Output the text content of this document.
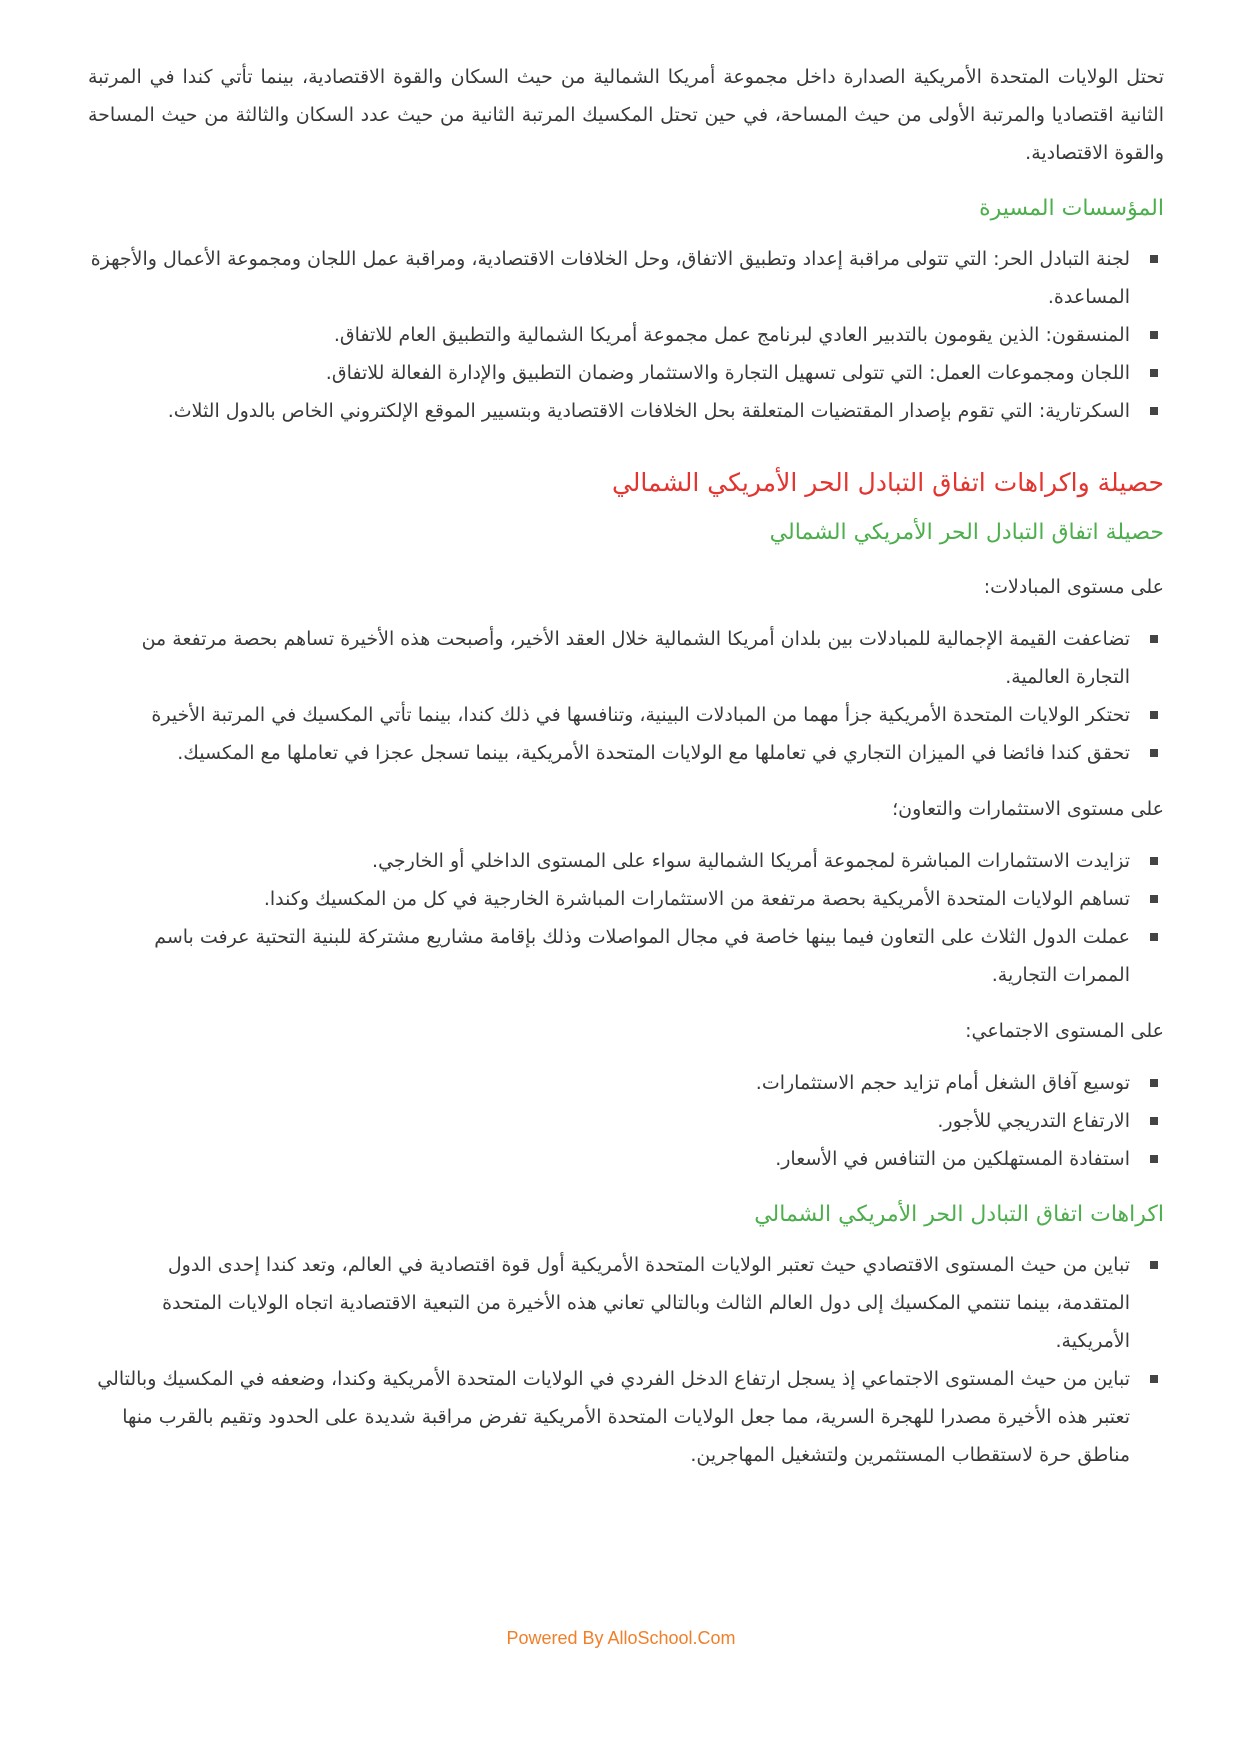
تحتل الولايات المتحدة الأمريكية الصدارة داخل مجموعة أمريكا الشمالية من حيث السكان والقوة الاقتصادية، بينما تأتي كندا في المرتبة الثانية اقتصاديا والمرتبة الأولى من حيث المساحة، في حين تحتل المكسيك المرتبة الثانية من حيث عدد السكان والثالثة من حيث المساحة والقوة الاقتصادية.

المؤسسات المسيرة
لجنة التبادل الحر: التي تتولى مراقبة إعداد وتطبيق الاتفاق، وحل الخلافات الاقتصادية، ومراقبة عمل اللجان ومجموعة الأعمال والأجهزة المساعدة.
المنسقون: الذين يقومون بالتدبير العادي لبرنامج عمل مجموعة أمريكا الشمالية والتطبيق العام للاتفاق.
اللجان ومجموعات العمل: التي تتولى تسهيل التجارة والاستثمار وضمان التطبيق والإدارة الفعالة للاتفاق.
السكرتارية: التي تقوم بإصدار المقتضيات المتعلقة بحل الخلافات الاقتصادية وبتسيير الموقع الإلكتروني الخاص بالدول الثلاث.
حصيلة واكراهات اتفاق التبادل الحر الأمريكي الشمالي
حصيلة اتفاق التبادل الحر الأمريكي الشمالي

على مستوى المبادلات:

تضاعفت القيمة الإجمالية للمبادلات بين بلدان أمريكا الشمالية خلال العقد الأخير، وأصبحت هذه الأخيرة تساهم بحصة مرتفعة من التجارة العالمية.
تحتكر الولايات المتحدة الأمريكية جزأ مهما من المبادلات البينية، وتنافسها في ذلك كندا، بينما تأتي المكسيك في المرتبة الأخيرة
تحقق كندا فائضا في الميزان التجاري في تعاملها مع الولايات المتحدة الأمريكية، بينما تسجل عجزا في تعاملها مع المكسيك.

على مستوى الاستثمارات والتعاون؛

تزايدت الاستثمارات المباشرة لمجموعة أمريكا الشمالية سواء على المستوى الداخلي أو الخارجي.
تساهم الولايات المتحدة الأمريكية بحصة مرتفعة من الاستثمارات المباشرة الخارجية في كل من المكسيك وكندا.
عملت الدول الثلاث على التعاون فيما بينها خاصة في مجال المواصلات وذلك بإقامة مشاريع مشتركة للبنية التحتية عرفت باسم الممرات التجارية.

على المستوى الاجتماعي:

توسيع آفاق الشغل أمام تزايد حجم الاستثمارات.
الارتفاع التدريجي للأجور.
استفادة المستهلكين من التنافس في الأسعار.
اكراهات اتفاق التبادل الحر الأمريكي الشمالي
تباين من حيث المستوى الاقتصادي حيث تعتبر الولايات المتحدة الأمريكية أول قوة اقتصادية في العالم، وتعد كندا إحدى الدول المتقدمة، بينما تنتمي المكسيك إلى دول العالم الثالث وبالتالي تعاني هذه الأخيرة من التبعية الاقتصادية اتجاه الولايات المتحدة الأمريكية.
تباين من حيث المستوى الاجتماعي إذ يسجل ارتفاع الدخل الفردي في الولايات المتحدة الأمريكية وكندا، وضعفه في المكسيك وبالتالي تعتبر هذه الأخيرة مصدرا للهجرة السرية، مما جعل الولايات المتحدة الأمريكية تفرض مراقبة شديدة على الحدود وتقيم بالقرب منها مناطق حرة لاستقطاب المستثمرين ولتشغيل المهاجرين.
Powered By AlloSchool.Com
